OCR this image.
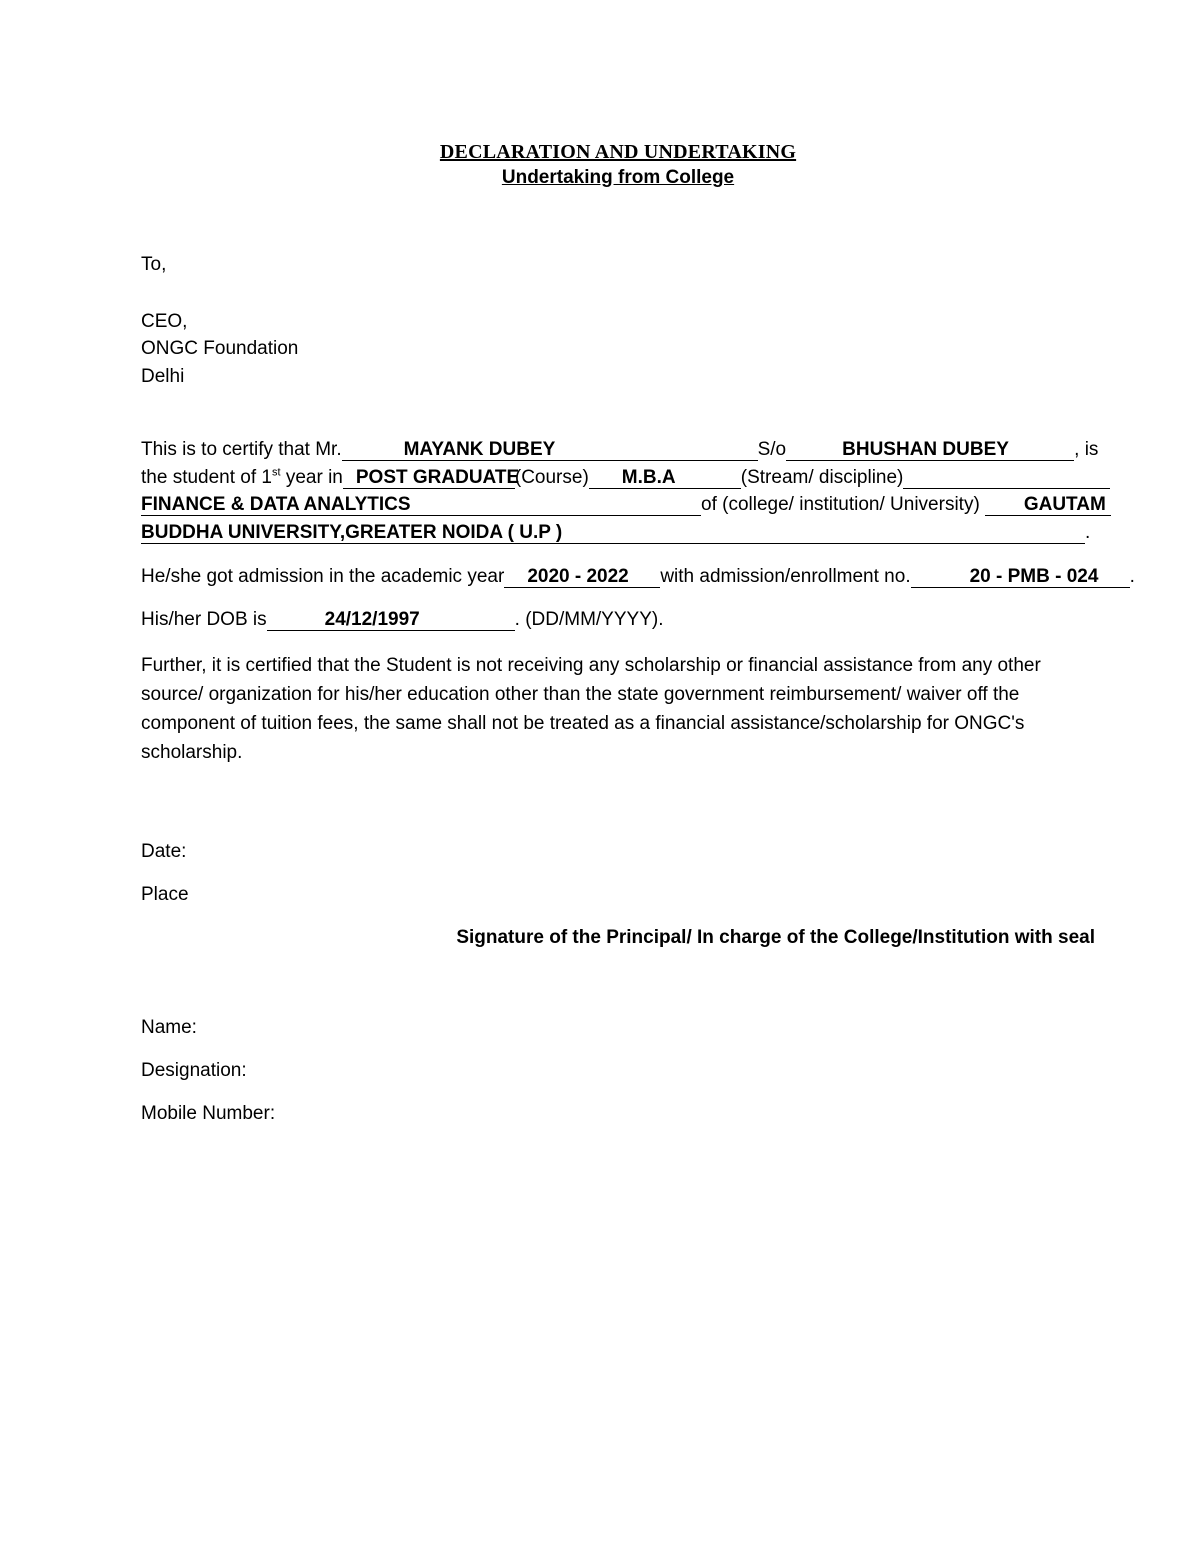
DECLARATION AND UNDERTAKING
Undertaking from College
To,
CEO,
ONGC Foundation
Delhi
This is to certify that Mr.	MAYANK DUBEY	S/o	BHUSHAN DUBEY	, is
the student of 1st year in POST GRADUATE(Course) M.B.A	(Stream/ discipline)
FINANCE & DATA ANALYTICS	of (college/ institution/ University) GAUTAM
BUDDHA UNIVERSITY,GREATER NOIDA ( U.P )	.
He/she got admission in the academic year 2020 - 2022 with admission/enrollment no.	20 - PMB - 024 .
His/her DOB is	24/12/1997	. (DD/MM/YYYY).
Further, it is certified that the Student is not receiving any scholarship or financial assistance from any other source/ organization for his/her education other than the state government reimbursement/ waiver off the component of tuition fees, the same shall not be treated as a financial assistance/scholarship for ONGC's scholarship.
Date:
Place
Signature of the Principal/ In charge of the College/Institution with seal
Name:
Designation:
Mobile Number:
